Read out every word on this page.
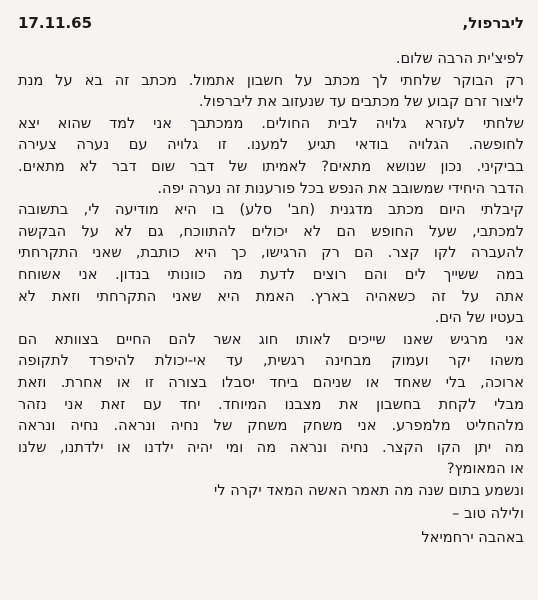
ליברפול,
17.11.65
לפיצ'ית הרבה שלום.
רק הבוקר שלחתי לך מכתב על חשבון אתמול. מכתב זה בא על מנת
ליצור זרם קבוע של מכתבים עד שנעזוב את ליברפול.
שלחתי לעזרא גלויה לבית החולים. ממכתבך אני למד שהוא יצא
לחופשה. הגלויה בודאי תגיע למענו. זו גלויה עם נערה צעירה
בביקיני. נכון שנושא מתאים? לאמיתו של דבר שום דבר לא מתאים.
הדבר היחידי שמשובב את הנפש בכל פורענות זה נערה יפה.
קיבלתי היום מכתב מדגנית (חב' סלע) בו היא מודיעה לי, בתשובה
למכתבי, שעל החופש הם לא יכולים להתווכח, גם לא על הבקשה
להעברה לקו קצר. הם רק הרגישו, כך היא כותבת, שאני התקרחתי
במה ששייך לים והם רוצים לדעת מה כוונותי בנדון. אני אשוחח
אתה על זה כשאהיה בארץ. האמת היא שאני התקרחתי וזאת לא
בעטיו של הים.
אני מרגיש שאנו שייכים לאותו חוג אשר להם החיים בצוותא הם
משהו יקר ועמוק מבחינה רגשית, עד אי-יכולת להיפרד לתקופה
ארוכה, בלי שאחד או שניהם ביחד יסבלו בצורה זו או אחרת. וזאת
מבלי לקחת בחשבון את מצבנו המיוחד. יחד עם זאת אני נזהר
מלהחליט מלמפרע. אני משחק משחק של נחיה ונראה. נחיה ונראה
מה יתן הקו הקצר. נחיה ונראה מה ומי יהיה ילדנו או ילדתנו, שלנו
או המאומץ?
ונשמע בתום שנה מה תאמר האשה המאד יקרה לי
ולילה טוב –
באהבה ירחמיאל
